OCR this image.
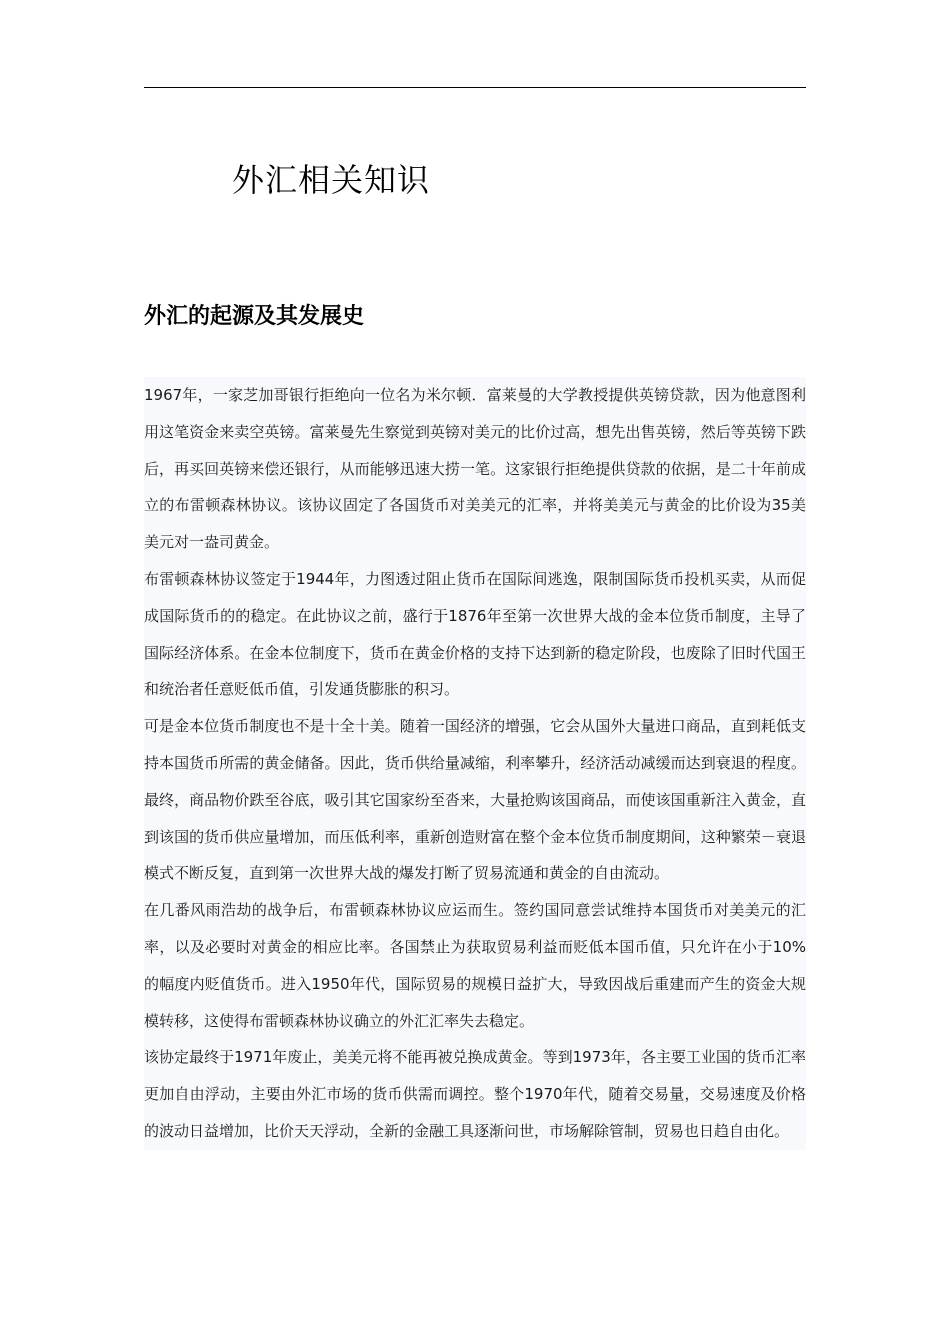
外汇相关知识
外汇的起源及其发展史

1967年，一家芝加哥银行拒绝向一位名为米尔顿．富莱曼的大学教授提供英镑贷款，因为他意图利用这笔资金来卖空英镑。富莱曼先生察觉到英镑对美元的比价过高，想先出售英镑，然后等英镑下跌后，再买回英镑来偿还银行，从而能够迅速大捞一笔。这家银行拒绝提供贷款的依据，是二十年前成立的布雷顿森林协议。该协议固定了各国货币对美美元的汇率，并将美美元与黄金的比价设为35美美元对一盎司黄金。

布雷顿森林协议签定于1944年，力图透过阻止货币在国际间逃逸，限制国际货币投机买卖，从而促成国际货币的的稳定。在此协议之前，盛行于1876年至第一次世界大战的金本位货币制度，主导了国际经济体系。在金本位制度下，货币在黄金价格的支持下达到新的稳定阶段，也废除了旧时代国王和统治者任意贬低币值，引发通货膨胀的积习。

可是金本位货币制度也不是十全十美。随着一国经济的增强，它会从国外大量进口商品，直到耗低支持本国货币所需的黄金储备。因此，货币供给量减缩，利率攀升，经济活动减缓而达到衰退的程度。最终，商品物价跌至谷底，吸引其它国家纷至沓来，大量抢购该国商品，而使该国重新注入黄金，直到该国的货币供应量增加，而压低利率，重新创造财富在整个金本位货币制度期间，这种繁荣－衰退模式不断反复，直到第一次世界大战的爆发打断了贸易流通和黄金的自由流动。

在几番风雨浩劫的战争后，布雷顿森林协议应运而生。签约国同意尝试维持本国货币对美美元的汇率，以及必要时对黄金的相应比率。各国禁止为获取贸易利益而贬低本国币值，只允许在小于10%的幅度内贬值货币。进入1950年代，国际贸易的规模日益扩大，导致因战后重建而产生的资金大规模转移，这使得布雷顿森林协议确立的外汇汇率失去稳定。

该协定最终于1971年废止，美美元将不能再被兑换成黄金。等到1973年，各主要工业国的货币汇率更加自由浮动，主要由外汇市场的货币供需而调控。整个1970年代，随着交易量，交易速度及价格的波动日益增加，比价天天浮动，全新的金融工具逐渐问世，市场解除管制，贸易也日趋自由化。
